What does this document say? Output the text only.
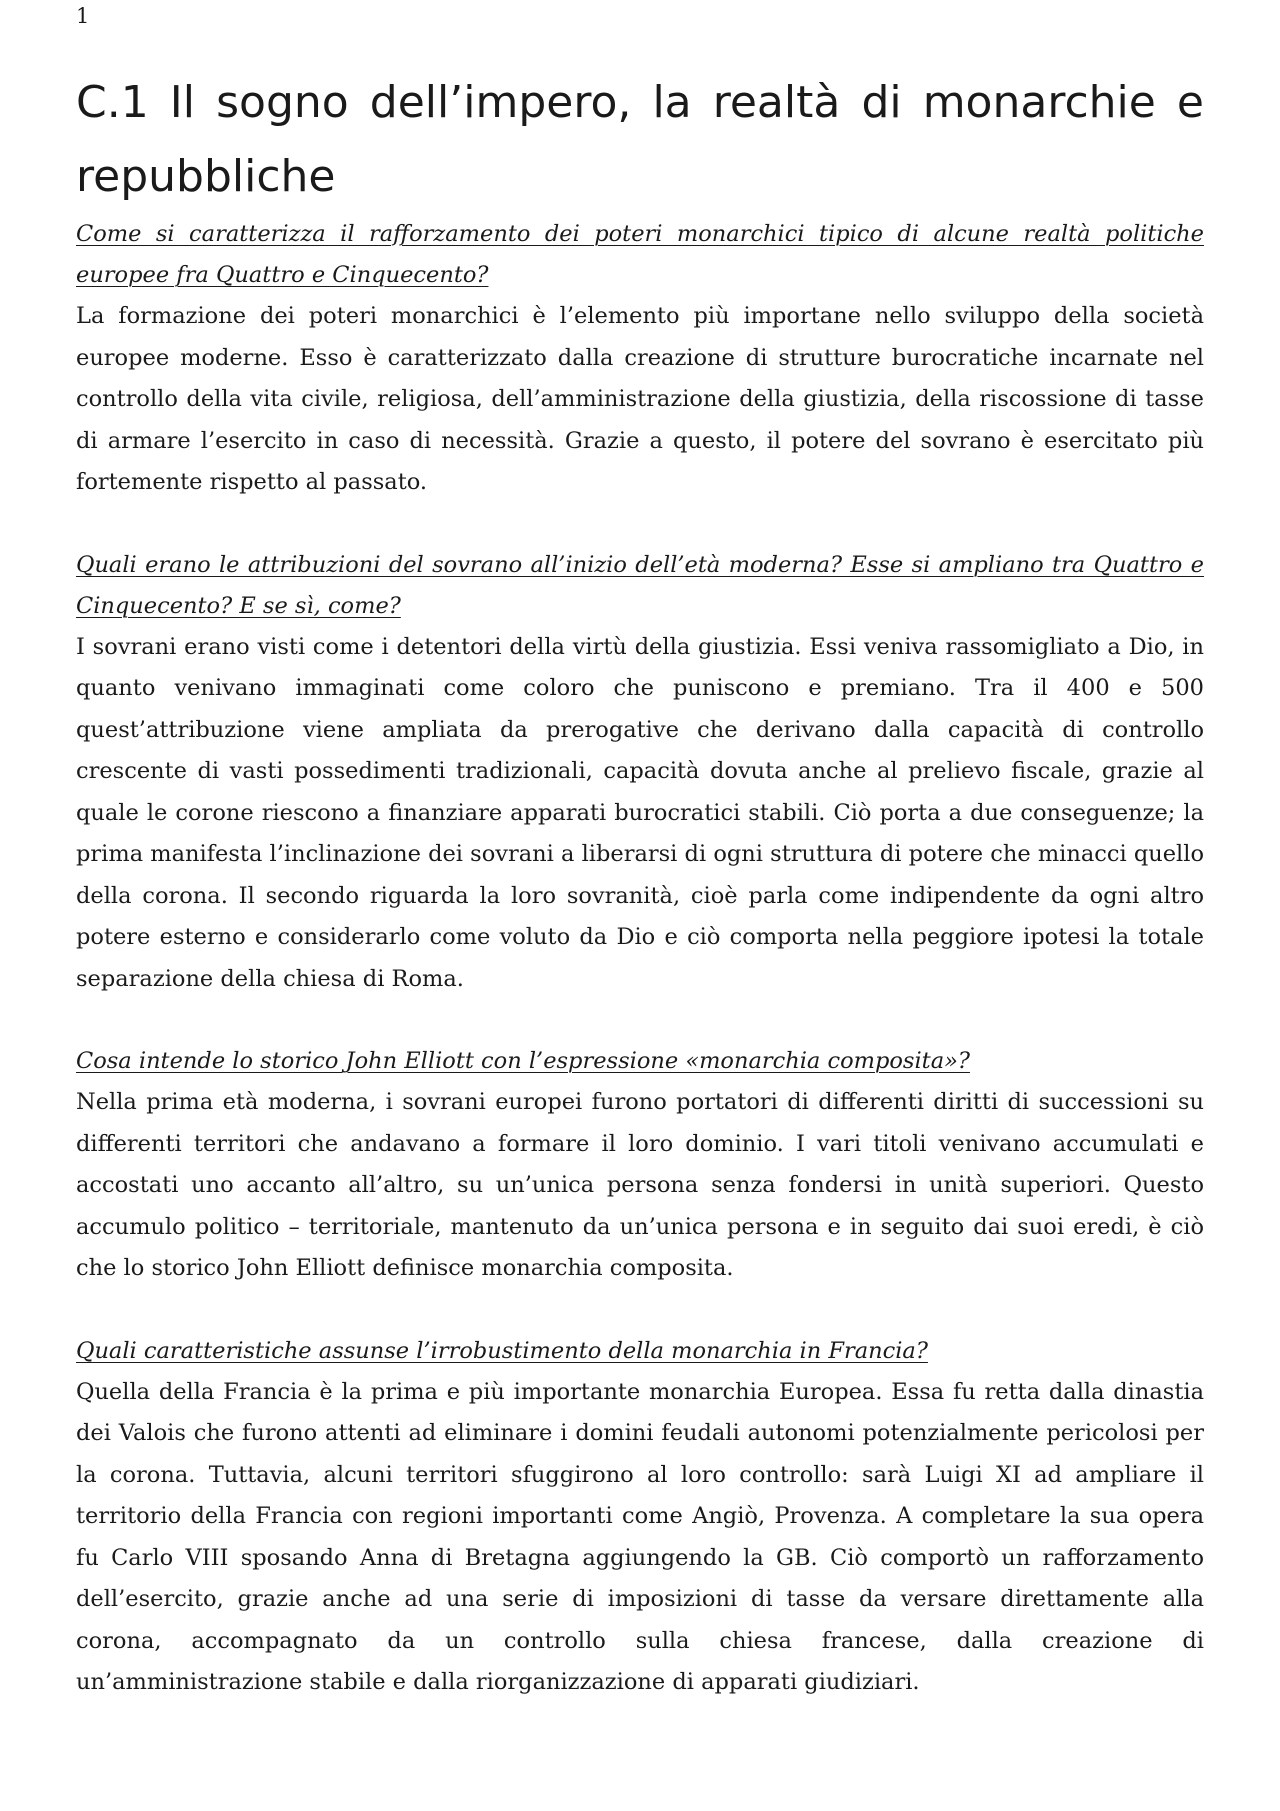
1
C.1 Il sogno dell’impero, la realtà di monarchie e repubbliche

Come si caratterizza il rafforzamento dei poteri monarchici tipico di alcune realtà politiche europee fra Quattro e Cinquecento?

La formazione dei poteri monarchici è l’elemento più importane nello sviluppo della società europee moderne. Esso è caratterizzato dalla creazione di strutture burocratiche incarnate nel controllo della vita civile, religiosa, dell’amministrazione della giustizia, della riscossione di tasse di armare l’esercito in caso di necessità. Grazie a questo, il potere del sovrano è esercitato più fortemente rispetto al passato.

Quali erano le attribuzioni del sovrano all’inizio dell’età moderna? Esse si ampliano tra Quattro e Cinquecento? E se sì, come?

I sovrani erano visti come i detentori della virtù della giustizia. Essi veniva rassomigliato a Dio, in quanto venivano immaginati come coloro che puniscono e premiano. Tra il 400 e 500 quest’attribuzione viene ampliata da prerogative che derivano dalla capacità di controllo crescente di vasti possedimenti tradizionali, capacità dovuta anche al prelievo fiscale, grazie al quale le corone riescono a finanziare apparati burocratici stabili. Ciò porta a due conseguenze; la prima manifesta l’inclinazione dei sovrani a liberarsi di ogni struttura di potere che minacci quello della corona. Il secondo riguarda la loro sovranità, cioè parla come indipendente da ogni altro potere esterno e considerarlo come voluto da Dio e ciò comporta nella peggiore ipotesi la totale separazione della chiesa di Roma.

Cosa intende lo storico John Elliott con l’espressione «monarchia composita»?

Nella prima età moderna, i sovrani europei furono portatori di differenti diritti di successioni su differenti territori che andavano a formare il loro dominio. I vari titoli venivano accumulati e accostati uno accanto all’altro, su un’unica persona senza fondersi in unità superiori. Questo accumulo politico – territoriale, mantenuto da un’unica persona e in seguito dai suoi eredi, è ciò che lo storico John Elliott definisce monarchia composita.

Quali caratteristiche assunse l’irrobustimento della monarchia in Francia?

Quella della Francia è la prima e più importante monarchia Europea. Essa fu retta dalla dinastia dei Valois che furono attenti ad eliminare i domini feudali autonomi potenzialmente pericolosi per la corona. Tuttavia, alcuni territori sfuggirono al loro controllo: sarà Luigi XI ad ampliare il territorio della Francia con regioni importanti come Angiò, Provenza. A completare la sua opera fu Carlo VIII sposando Anna di Bretagna aggiungendo la GB. Ciò comportò un rafforzamento dell’esercito, grazie anche ad una serie di imposizioni di tasse da versare direttamente alla corona, accompagnato da un controllo sulla chiesa francese, dalla creazione di un’amministrazione stabile e dalla riorganizzazione di apparati giudiziari.
